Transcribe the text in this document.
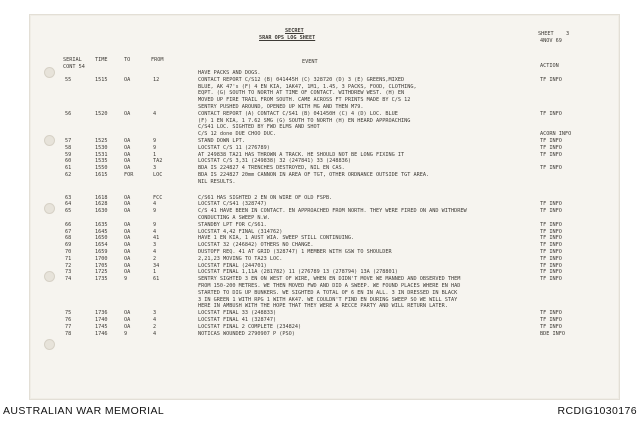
SECRET
5RAR OPS LOG SHEET
SHEET 3
4NOV 69
SERIAL	TIME	TO	FROM	EVENT
ACTION
CONT 54
HAVE PACKS AND DOGS.
55	1515	OA	12	CONTACT REPORT C/S12 (B) 041445H (C) 328720 (D) 3 (E) GREENS,MIXED	TF INFO
BLUE, AK 47's (F) 4 EN KIA, 1AK47, 1M1, 1.45, 3 PACKS, FOOD, CLOTHING,
EQPT. (G) SOUTH TO NORTH AT TIME OF CONTACT. WITHDREW WEST. (H) EN
MOVED UP FIRE TRAIL FROM SOUTH. CAME ACROSS FT PRINTS MADE BY C/S 12
SENTRY PUSHED AROUND, OPENED UP WITH MG AND THEN M79.
56	1520	OA	4	CONTACT REPORT (A) CONTACT C/S41 (B) 041450H (C) 4 (D) LOC. BLUE	TF INFO
(F) 1 EN KIA, 1 7.62 SMG (G) SOUTH TO NORTH (H) EN HEARD APPROACHING
C/S41 LOC. SIGHTED BY FWD ELMS AND SHOT
C/S 12 done DUE CHOO DUC.	ACORN INFO
57	1525	OA	9	STAND DOWN LPT.	TF INFO
58	1530	OA	9	LOCSTAT C/S 11 (276789)	TF INFO
59	1531	OA	1	AT 249838 TA21 HAS THROWN A TRACK. HE SHOULD NOT BE LONG FIXING IT	TF INFO
60	1535	OA	TA2	LOCSTAT C/S 3,31 (249838) 32 (247841) 33 (248836)
61	1550	OA	3	BDA IS 224827 4 TRENCHES DESTROYED, NIL EN CAS.	TF INFO
62	1615	FOR	LOC	BDA IS 224827 20mm CANNON IN AREA OF TGT, OTHER ORDNANCE OUTSIDE TGT AREA.
NIL RESULTS.
63	1618	OA	FCC	C/S61 HAS SIGHTED 2 EN ON WIRE OF OLD FSPB.
64	1628	OA	4	LOCSTAT C/S41 (328747)	TF INFO
65	1630	OA	9	C/S 41 HAVE BEEN IN CONTACT. EN APPROACHED FROM NORTH. THEY WERE FIRED ON AND WITHDREW	TF INFO
CONDUCTING A SWEEP N.W.
66	1635	OA	9	STANDBY LPT FOR C/S61.	TF INFO
67	1645	OA	4	LOCSTAT 4,42 FINAL (314762)	TF INFO
68	1650	OA	41	HAVE 1 EN KIA, 1 AUST WIA. SWEEP STILL CONTINUING.	TF INFO
69	1654	OA	3	LOCSTAT 32 (246842) OTHERS NO CHANGE.	TF INFO
70	1659	OA	4	DUSTOFF REQ. 41 AT GRID (328747) 1 MEMBER WITH GSW TO SHOULDER	TF INFO
71	1700	OA	2	2,21,23 MOVING TO TA23 LOC.	TF INFO
72	1705	OA	34	LOCSTAT FINAL (244701)	TF INFO
73	1725	OA	1	LOCSTAT FINAL 1,11A (281782) 11 (276789 13 (278794) 13A (278801)	TF INFO
74	1735	9	61	SENTRY SIGHTED 3 EN ON WEST OF WIRE, WHEN EN DIDN'T MOVE WE MANNED AND OBSERVED THEM	TF INFO
FROM 150-200 METRES. WE THEN MOVED FWD AND DID A SWEEP. WE FOUND PLACES WHERE EN HAD
STARTED TO DIG UP BUNKERS. WE SIGHTED A TOTAL OF 6 EN IN ALL. 3 IN DRESSED IN BLACK
3 IN GREEN 1 WITH RPG 1 WITH AK47. WE COULDN'T FIND EN DURING SWEEP SO WE WILL STAY
HERE IN AMBUSH WITH THE HOPE THAT THEY WERE A RECCE PARTY AND WILL RETURN LATER.
75	1736	OA	3	LOCSTAT FINAL 33 (248833)	TF INFO
76	1740	OA	4	LOCSTAT FINAL 41 (328747)	TF INFO
77	1745	OA	2	LOCSTAT FINAL 2 COMPLETE (234824)	TF INFO
78	1746	9	4	NOTICAS WOUNDED 2790907 P (PSO)	BDE INFO
AUSTRALIAN WAR MEMORIAL	RCDIG1030176
